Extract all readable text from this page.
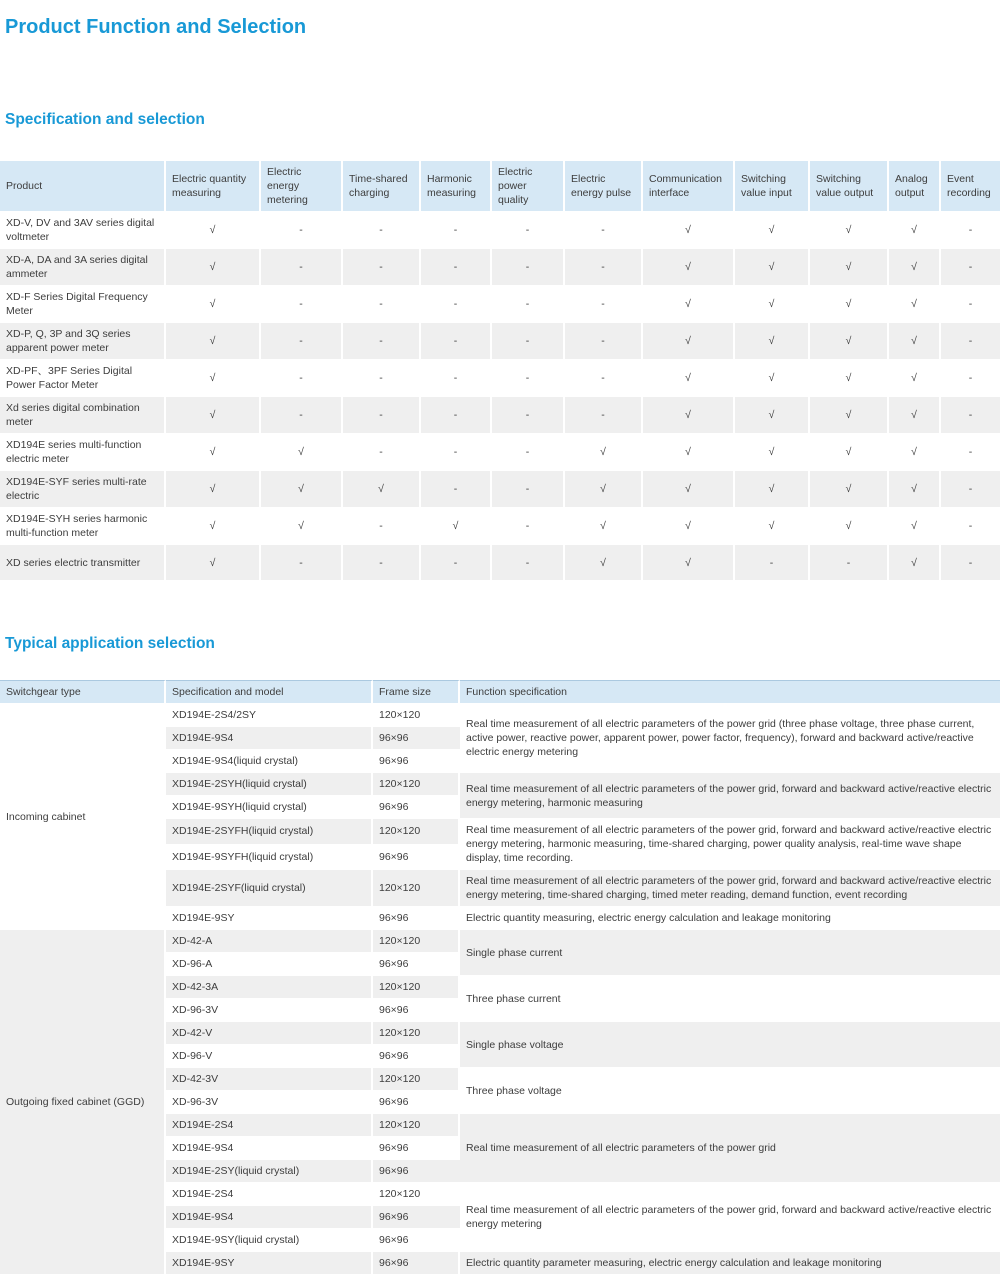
Product Function and Selection
Specification and selection
Product	Electric quantity measuring	Electric energy metering	Time-shared charging	Harmonic measuring	Electric power quality	Electric energy pulse	Communication interface	Switching value input	Switching value output	Analog output	Event recording
XD-V, DV and 3AV series digital voltmeter	√	-	-	-	-	-	√	√	√	√	-
XD-A, DA and 3A series digital ammeter	√	-	-	-	-	-	√	√	√	√	-
XD-F Series Digital Frequency Meter	√	-	-	-	-	-	√	√	√	√	-
XD-P, Q, 3P and 3Q series apparent power meter	√	-	-	-	-	-	√	√	√	√	-
XD-PF、3PF Series Digital Power Factor Meter	√	-	-	-	-	-	√	√	√	√	-
Xd series digital combination meter	√	-	-	-	-	-	√	√	√	√	-
XD194E series multi-function electric meter	√	√	-	-	-	√	√	√	√	√	-
XD194E-SYF series multi-rate electric	√	√	√	-	-	√	√	√	√	√	-
XD194E-SYH series harmonic multi-function meter	√	√	-	√	-	√	√	√	√	√	-
XD series electric transmitter	√	-	-	-	-	√	√	-	-	√	-
Typical application selection
Switchgear type	Specification and model	Frame size	Function specification
Incoming cabinet	XD194E-2S4/2SY	120×120	Real time measurement of all electric parameters of the power grid (three phase voltage, three phase current, active power, reactive power, apparent power, power factor, frequency), forward and backward active/reactive electric energy metering
	XD194E-9S4	96×96	
	XD194E-9S4(liquid crystal)	96×96	
	XD194E-2SYH(liquid crystal)	120×120	Real time measurement of all electric parameters of the power grid, forward and backward active/reactive electric energy metering, harmonic measuring
	XD194E-9SYH(liquid crystal)	96×96	
	XD194E-2SYFH(liquid crystal)	120×120	Real time measurement of all electric parameters of the power grid, forward and backward active/reactive electric energy metering, harmonic measuring, time-shared charging, power quality analysis, real-time wave shape display, time recording.
	XD194E-9SYFH(liquid crystal)	96×96	
	XD194E-2SYF(liquid crystal)	120×120	Real time measurement of all electric parameters of the power grid, forward and backward active/reactive electric energy metering, time-shared charging, timed meter reading, demand function, event recording
	XD194E-9SY	96×96	Electric quantity measuring, electric energy calculation and leakage monitoring
Outgoing fixed cabinet (GGD)	XD-42-A	120×120	Single phase current
	XD-96-A	96×96	
	XD-42-3A	120×120	Three phase current
	XD-96-3V	96×96	
	XD-42-V	120×120	Single phase voltage
	XD-96-V	96×96	
	XD-42-3V	120×120	Three phase voltage
	XD-96-3V	96×96	
	XD194E-2S4	120×120	Real time measurement of all electric parameters of the power grid
	XD194E-9S4	96×96	
	XD194E-2SY(liquid crystal)	96×96	
	XD194E-2S4	120×120	Real time measurement of all electric parameters of the power grid, forward and backward active/reactive electric energy metering
	XD194E-9S4	96×96	
	XD194E-9SY(liquid crystal)	96×96	
	XD194E-9SY	96×96	Electric quantity parameter measuring, electric energy calculation and leakage monitoring
